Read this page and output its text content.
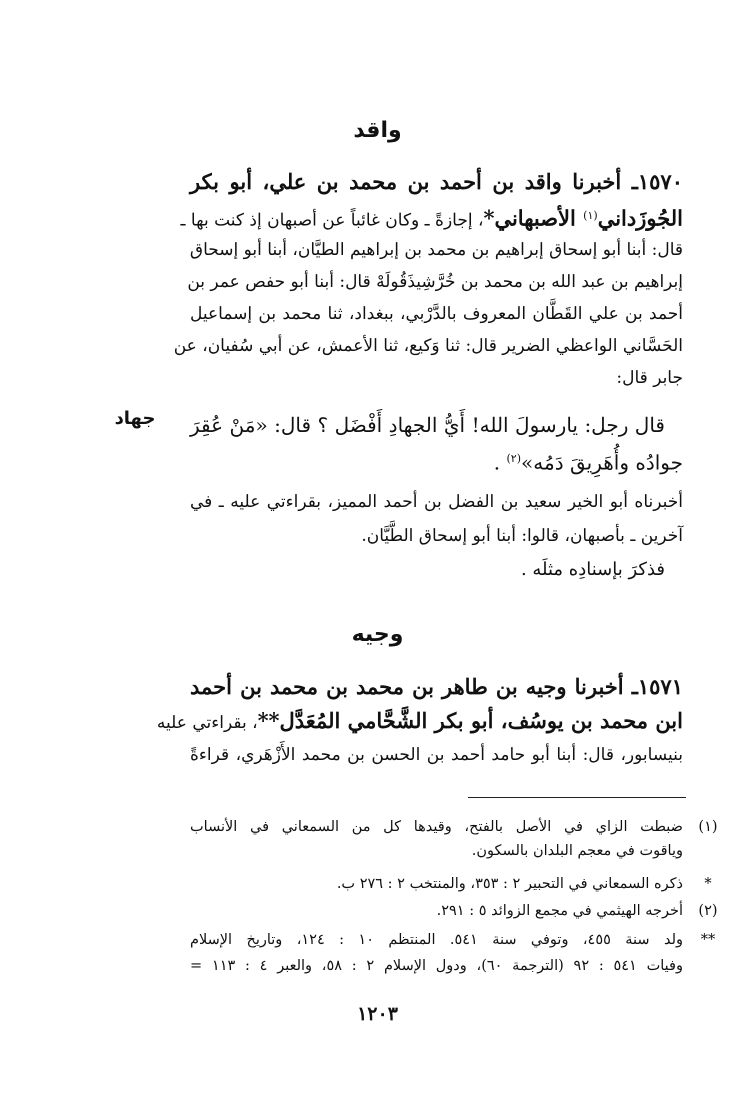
واقد
١٥٧٠ـ أخبرنا واقد بن أحمد بن محمد بن علي، أبو بكر
الجُوزَداني$^{(١)}$ الأصبهاني*، إجازةً ـ وكان غائباً عن أصبهان إذ كنت بها ـ
قال: أبنا أبو إسحاق إبراهيم بن محمد بن إبراهيم الطيَّان، أبنا أبو إسحاق
إبراهيم بن عبد الله بن محمد بن خُرَّشِيذَقُولَهْ قال: أبنا أبو حفص عمر بن
أحمد بن علي القَطَّان المعروف بالدَّرْبي، ببغداد، ثنا محمد بن إسماعيل
الحَسَّاني الواعظي الضرير قال: ثنا وَكيع، ثنا الأعمش، عن أبي سُفيان، عن
جابر قال:
قال رجل: يارسولَ الله! أَيُّ الجهادِ أَفْضَل ؟ قال: «مَنْ عُقِرَ
جوادُه وأُهَرِيقَ دَمُه»$^{(٢)}$ .
أخبرناه أبو الخير سعيد بن الفضل بن أحمد المميز، بقراءتي عليه ـ في
آخرين ـ بأصبهان، قالوا: أبنا أبو إسحاق الطَّيَّان.
فذكرَ بإسنادِه مثلَه .
جهاد
وجيه
١٥٧١ـ أخبرنا وجيه بن طاهر بن محمد بن محمد بن أحمد
ابن محمد بن يوسُف، أبو بكر الشَّحَّامي المُعَدَّل**، بقراءتي عليه
بنيسابور، قال: أبنا أبو حامد أحمد بن الحسن بن محمد الأَزْهَري، قراءةً
(١)
ضبطت الزاي في الأصل بالفتح، وقيدها كل من السمعاني في الأنساب
وياقوت في معجم البلدان بالسكون.
*
ذكره السمعاني في التحبير ٢ : ٣٥٣، والمنتخب ٢ : ٢٧٦ ب.
(٢)
أخرجه الهيثمي في مجمع الزوائد ٥ : ٢٩١.
**
ولد سنة ٤٥٥، وتوفي سنة ٥٤١. المنتظم ١٠ : ١٢٤، وتاريخ الإسلام
وفيات ٥٤١ : ٩٢ (الترجمة ٦٠)، ودول الإسلام ٢ : ٥٨، والعبر ٤ : ١١٣ =
١٢٠٣
